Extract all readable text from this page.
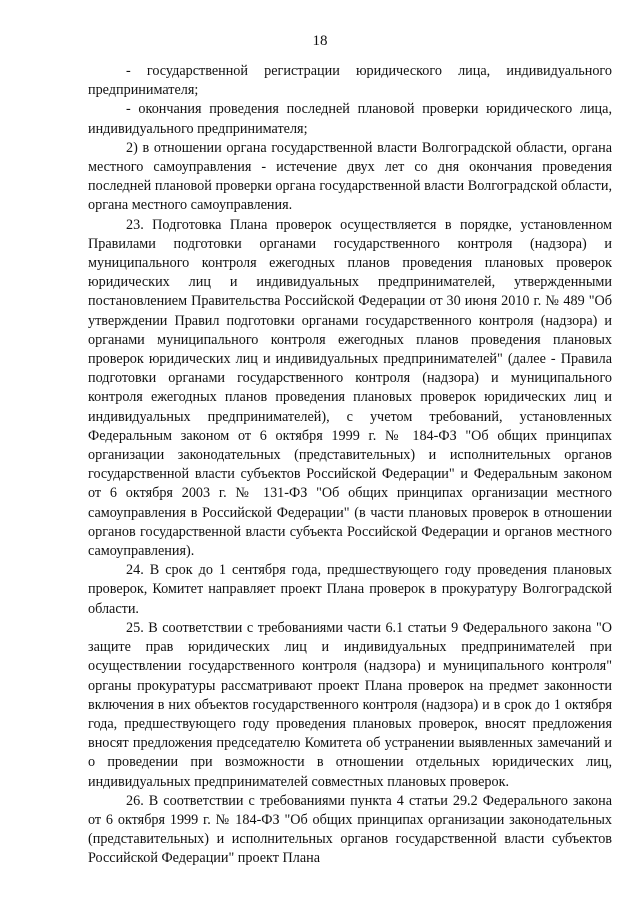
18

- государственной регистрации юридического лица, индивидуального предпринимателя;

- окончания проведения последней плановой проверки юридического лица, индивидуального предпринимателя;

2) в отношении органа государственной власти Волгоградской области, органа местного самоуправления - истечение двух лет со дня окончания проведения последней плановой проверки органа государственной власти Волгоградской области, органа местного самоуправления.

23. Подготовка Плана проверок осуществляется в порядке, установленном Правилами подготовки органами государственного контроля (надзора) и муниципального контроля ежегодных планов проведения плановых проверок юридических лиц и индивидуальных предпринимателей, утвержденными постановлением Правительства Российской Федерации от 30 июня 2010 г. № 489 "Об утверждении Правил подготовки органами государственного контроля (надзора) и органами муниципального контроля ежегодных планов проведения плановых проверок юридических лиц и индивидуальных предпринимателей" (далее - Правила подготовки органами государственного контроля (надзора) и муниципального контроля ежегодных планов проведения плановых проверок юридических лиц и индивидуальных предпринимателей), с учетом требований, установленных Федеральным законом от 6 октября 1999 г. № 184-ФЗ "Об общих принципах организации законодательных (представительных) и исполнительных органов государственной власти субъектов Российской Федерации" и Федеральным законом от 6 октября 2003 г. № 131-ФЗ "Об общих принципах организации местного самоуправления в Российской Федерации" (в части плановых проверок в отношении органов государственной власти субъекта Российской Федерации и органов местного самоуправления).

24. В срок до 1 сентября года, предшествующего году проведения плановых проверок, Комитет направляет проект Плана проверок в прокуратуру Волгоградской области.

25. В соответствии с требованиями части 6.1 статьи 9 Федерального закона "О защите прав юридических лиц и индивидуальных предпринимателей при осуществлении государственного контроля (надзора) и муниципального контроля" органы прокуратуры рассматривают проект Плана проверок на предмет законности включения в них объектов государственного контроля (надзора) и в срок до 1 октября года, предшествующего году проведения плановых проверок, вносят предложения вносят предложения председателю Комитета об устранении выявленных замечаний и о проведении при возможности в отношении отдельных юридических лиц, индивидуальных предпринимателей совместных плановых проверок.

26. В соответствии с требованиями пункта 4 статьи 29.2 Федерального закона от 6 октября 1999 г. № 184-ФЗ "Об общих принципах организации законодательных (представительных) и исполнительных органов государственной власти субъектов Российской Федерации" проект Плана
